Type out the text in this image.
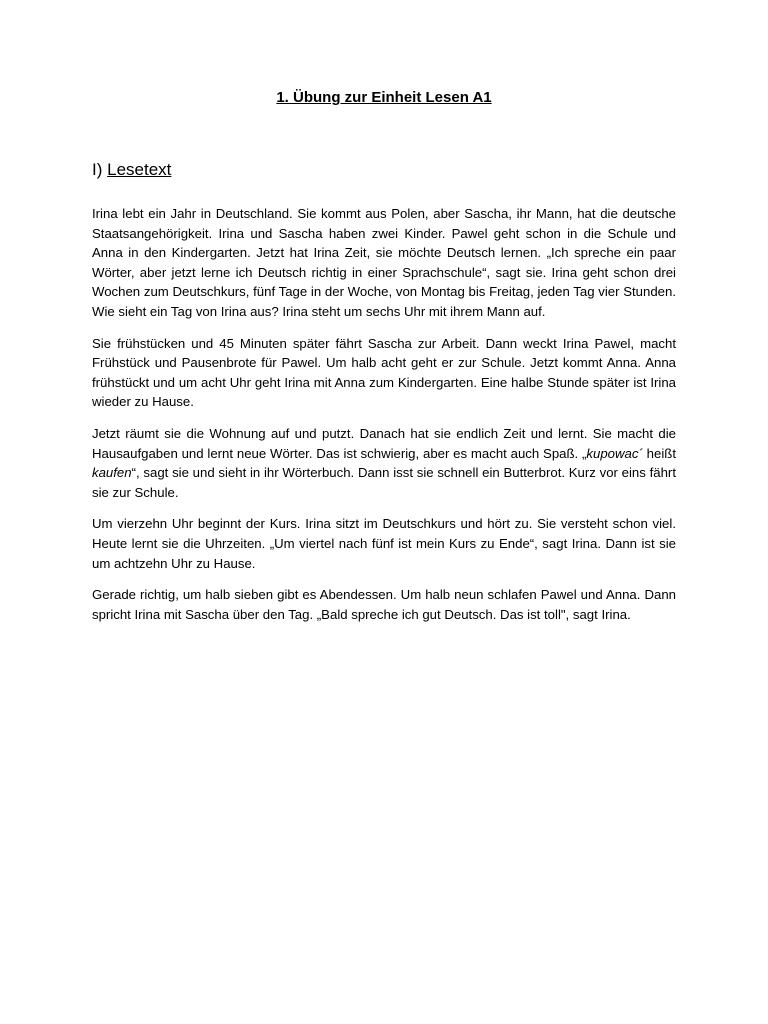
1. Übung zur Einheit Lesen A1
I) Lesetext

Irina lebt ein Jahr in Deutschland. Sie kommt aus Polen, aber Sascha, ihr Mann, hat die deutsche Staatsangehörigkeit. Irina und Sascha haben zwei Kinder. Pawel geht schon in die Schule und Anna in den Kindergarten. Jetzt hat Irina Zeit, sie möchte Deutsch lernen. „Ich spreche ein paar Wörter, aber jetzt lerne ich Deutsch richtig in einer Sprachschule“, sagt sie. Irina geht schon drei Wochen zum Deutschkurs, fünf Tage in der Woche, von Montag bis Freitag, jeden Tag vier Stunden. Wie sieht ein Tag von Irina aus? Irina steht um sechs Uhr mit ihrem Mann auf.

Sie frühstücken und 45 Minuten später fährt Sascha zur Arbeit. Dann weckt Irina Pawel, macht Frühstück und Pausenbrote für Pawel. Um halb acht geht er zur Schule. Jetzt kommt Anna. Anna frühstückt und um acht Uhr geht Irina mit Anna zum Kindergarten. Eine halbe Stunde später ist Irina wieder zu Hause.

Jetzt räumt sie die Wohnung auf und putzt. Danach hat sie endlich Zeit und lernt. Sie macht die Hausaufgaben und lernt neue Wörter. Das ist schwierig, aber es macht auch Spaß. „kupowac´ heißt kaufen“, sagt sie und sieht in ihr Wörterbuch. Dann isst sie schnell ein Butterbrot. Kurz vor eins fährt sie zur Schule.

Um vierzehn Uhr beginnt der Kurs. Irina sitzt im Deutschkurs und hört zu. Sie versteht schon viel. Heute lernt sie die Uhrzeiten. „Um viertel nach fünf ist mein Kurs zu Ende“, sagt Irina. Dann ist sie um achtzehn Uhr zu Hause.

Gerade richtig, um halb sieben gibt es Abendessen. Um halb neun schlafen Pawel und Anna. Dann spricht Irina mit Sascha über den Tag. „Bald spreche ich gut Deutsch. Das ist toll", sagt Irina.
